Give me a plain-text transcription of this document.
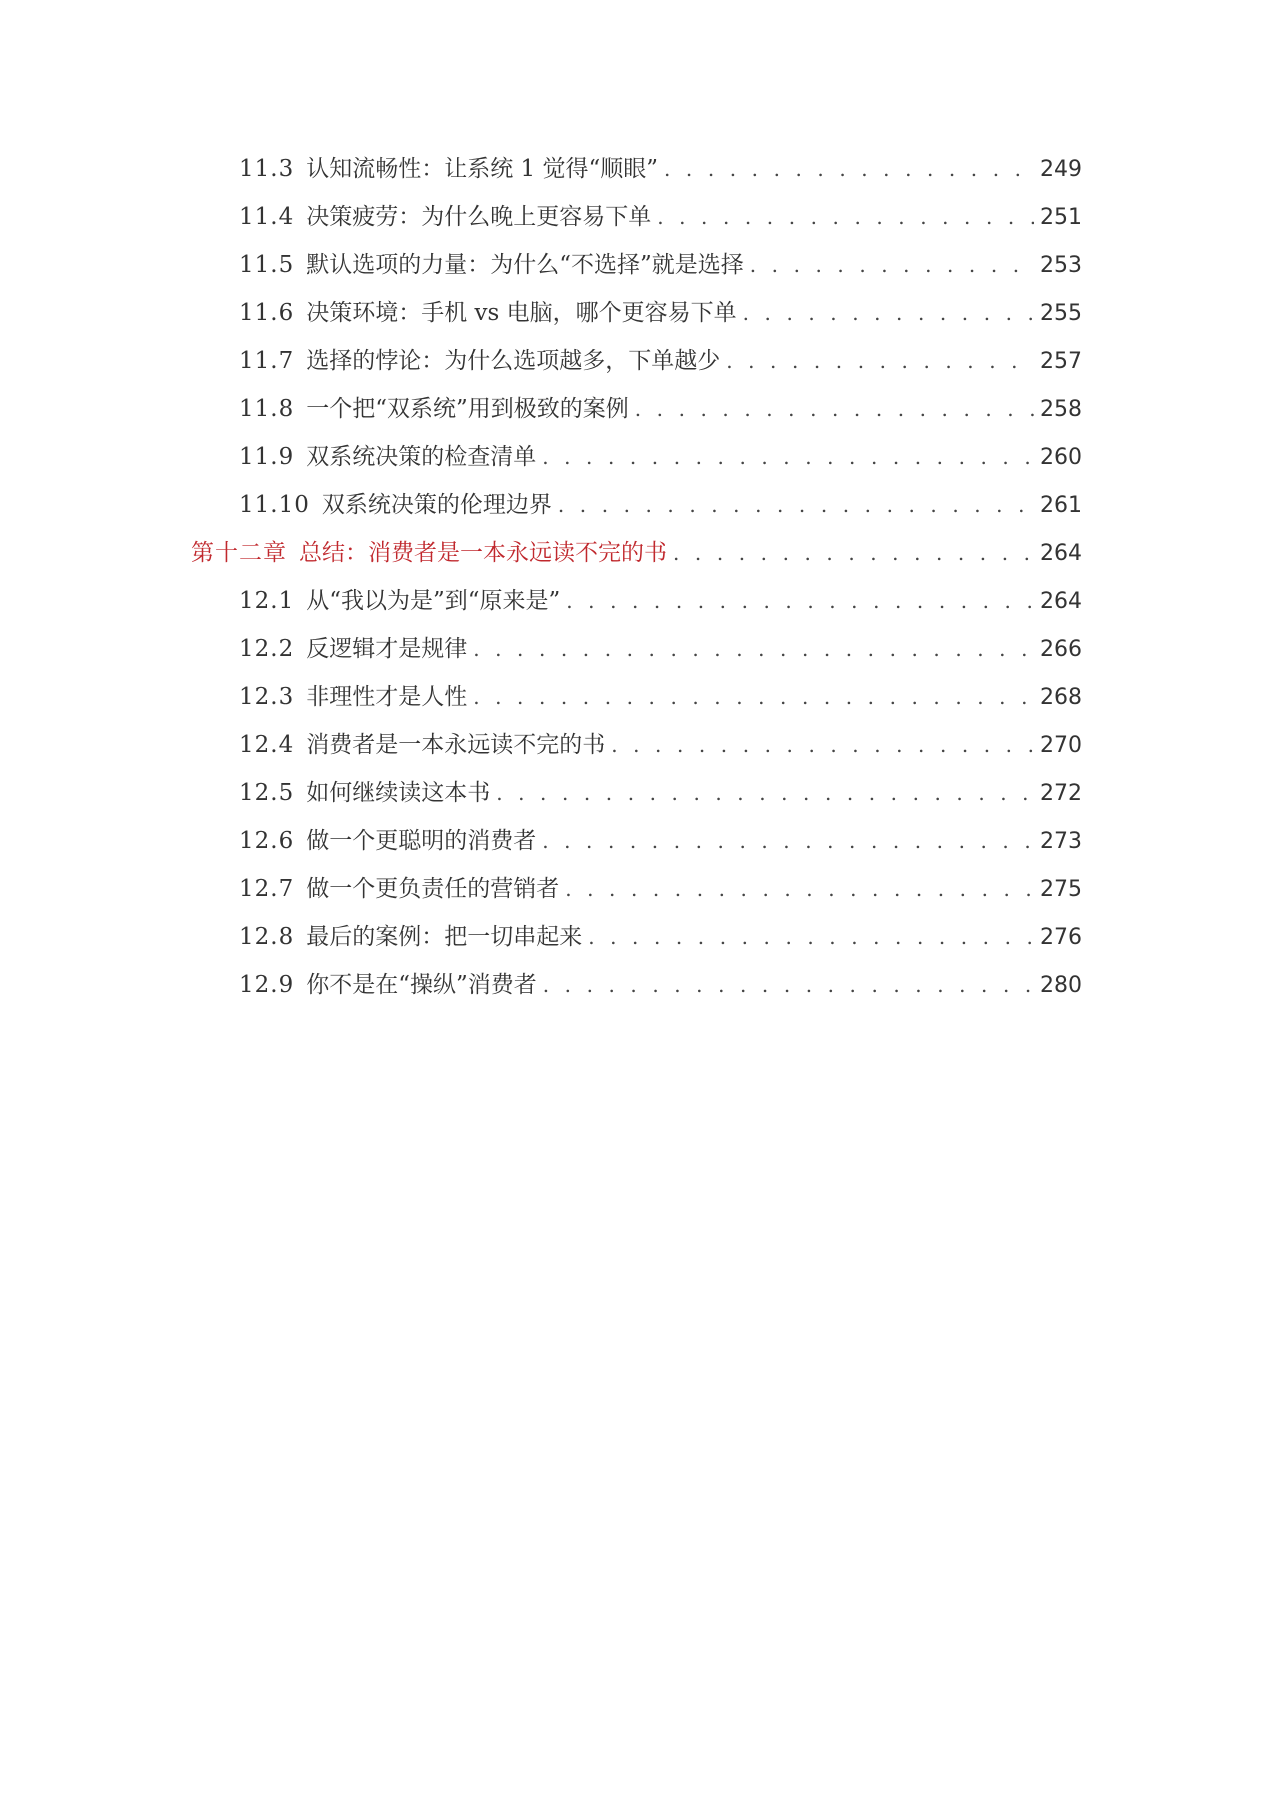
11.3 认知流畅性：让系统 1 觉得“顺眼” . . .	249
11.4 决策疲劳：为什么晚上更容易下单 . . .	251
11.5 默认选项的力量：为什么“不选择”就是选择 . . .	253
11.6 决策环境：手机 vs 电脑，哪个更容易下单 . . .	255
11.7 选择的悖论：为什么选项越多，下单越少 . . .	257
11.8 一个把“双系统”用到极致的案例 . . .	258
11.9 双系统决策的检查清单 . . .	260
11.10 双系统决策的伦理边界 . . .	261
第十二章 总结：消费者是一本永远读不完的书 . . .	264
12.1 从“我以为是”到“原来是” . . .	264
12.2 反逻辑才是规律 . . .	266
12.3 非理性才是人性 . . .	268
12.4 消费者是一本永远读不完的书 . . .	270
12.5 如何继续读这本书 . . .	272
12.6 做一个更聪明的消费者 . . .	273
12.7 做一个更负责任的营销者 . . .	275
12.8 最后的案例：把一切串起来 . . .	276
12.9 你不是在“操纵”消费者 . . .	280
